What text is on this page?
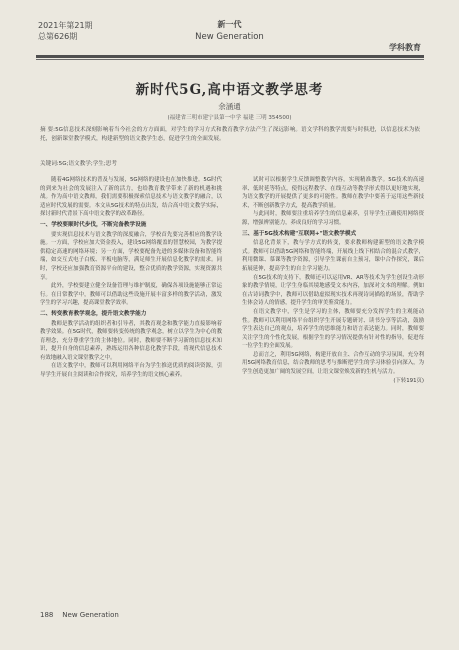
2021年第21期
总第626期
新一代
New Generation
学科教育
新时代5G,高中语文教学思考
余涵通
(福建省三明市建宁县第一中学 福建 三明 354500)
摘 要:5G信息技术深刻影响着当今社会的方方面面，对学生的学习方式和教育教学方法产生了深远影响。语文学科的教学需要与时俱进，以信息技术为依托，创新课堂教学模式，构建新型的语文教学生态，促进学生的全面发展。
关键词:5G;语文教学;学生;思考

随着4G网络技术的普及与发展，5G网络的建设也在加快推进。5G时代的到来为社会的发展注入了新的活力，也给教育教学带来了新的机遇和挑战。作为高中语文教师，我们需要积极探索信息技术与语文教学的融合，以适应时代发展的需要。本文从5G技术的特点出发，结合高中语文教学实际，探讨新时代背景下高中语文教学的改革路径。

一、学校要顺时代步伐，不断完备教学设施

要实现信息技术与语文教学的深度融合，学校首先要完善相应的教学设施。一方面，学校应加大资金投入，建设5G网络覆盖的智慧校园，为教学提供稳定高速的网络环境；另一方面，学校要配备先进的多媒体设备和智能终端，如交互式电子白板、平板电脑等，满足师生开展信息化教学的需求。同时，学校还应加强教育资源平台的建设，整合优质的教学资源，实现资源共享。

此外，学校要建立健全设备管理与维护制度，确保各项设施能够正常运行。在日常教学中，教师可以借助这些设施开展丰富多样的教学活动，激发学生的学习兴趣，提高课堂教学效率。

二、转变教育教学观念，提升语文教学能力

教师是教学活动的组织者和引导者，其教育观念和教学能力直接影响着教学效果。在5G时代，教师要转变传统的教学观念，树立以学生为中心的教育理念，充分尊重学生的主体地位。同时，教师要不断学习新的信息技术知识，提升自身的信息素养，熟练运用各种信息化教学手段，将现代信息技术有效地融入语文课堂教学之中。

在语文教学中，教师可以利用网络平台为学生推送优质的阅读资源，引导学生开展自主阅读和合作探究，培养学生的语文核心素养。

试时可以根据学生反馈调整教学内容，实现精准教学。5G技术的高速率、低时延等特点，使得远程教学、在线互动等教学形式得以更好地实现，为语文教学的开展提供了更多的可能性。教师在教学中要善于运用这些新技术，不断创新教学方式，提高教学质量。

与此同时，教师要注重培养学生的信息素养，引导学生正确使用网络资源，增强辨别能力，养成良好的学习习惯。

三、基于5G技术构建"互联网+"语文教学模式

信息化背景下，教与学方式的转变，要求教师构建新型的语文教学模式。教师可以借助5G网络和智能终端，开展线上线下相结合的混合式教学，利用微课、慕课等教学资源，引导学生课前自主预习，课中合作探究，课后拓展延伸，提高学生的自主学习能力。

在5G技术的支持下，教师还可以运用VR、AR等技术为学生创设生动形象的教学情境，让学生身临其境地感受文本内容，加深对文本的理解。例如在古诗词教学中，教师可以借助虚拟现实技术再现诗词描绘的场景，帮助学生体会诗人的情感，提升学生的审美鉴赏能力。

在语文教学中，学生是学习的主体，教师要充分发挥学生的主观能动性。教师可以利用网络平台组织学生开展专题研讨、读书分享等活动，鼓励学生表达自己的观点，培养学生的思维能力和语言表达能力。同时，教师要关注学生的个性化发展，根据学生的学习情况提供有针对性的指导，促进每一位学生的全面发展。

总而言之，利用5G网络，构建开放自主、合作互动的学习氛围，充分利用5G网络教育信息，结合教师的思考与推断把学生的学习体验引向深入，为学生创造更加广阔的发展空间，让语文课堂焕发新的生机与活力。

(下转191页)

188 New Generation
